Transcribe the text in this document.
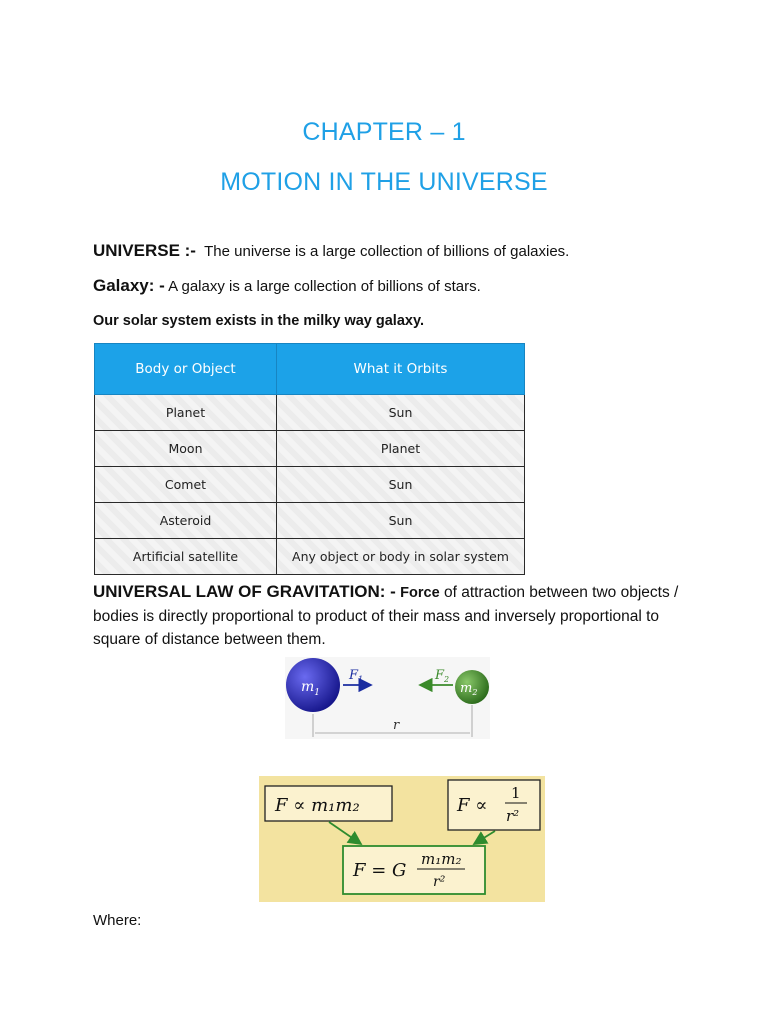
CHAPTER – 1
MOTION IN THE UNIVERSE
UNIVERSE :- The universe is a large collection of billions of galaxies.
Galaxy: - A galaxy is a large collection of billions of stars.
Our solar system exists in the milky way galaxy.
Body or Object	What it Orbits
Planet	Sun
Moon	Planet
Comet	Sun
Asteroid	Sun
Artificial satellite	Any object or body in solar system
UNIVERSAL LAW OF GRAVITATION: - Force of attraction between two objects / bodies is directly proportional to product of their mass and inversely proportional to square of distance between them.
$m_1$	$m_2$
$F_1$	$F_2$
r
F ∝ m₁m₂	F ∝
1
r²
F = G
m₁m₂
r²
Where:
